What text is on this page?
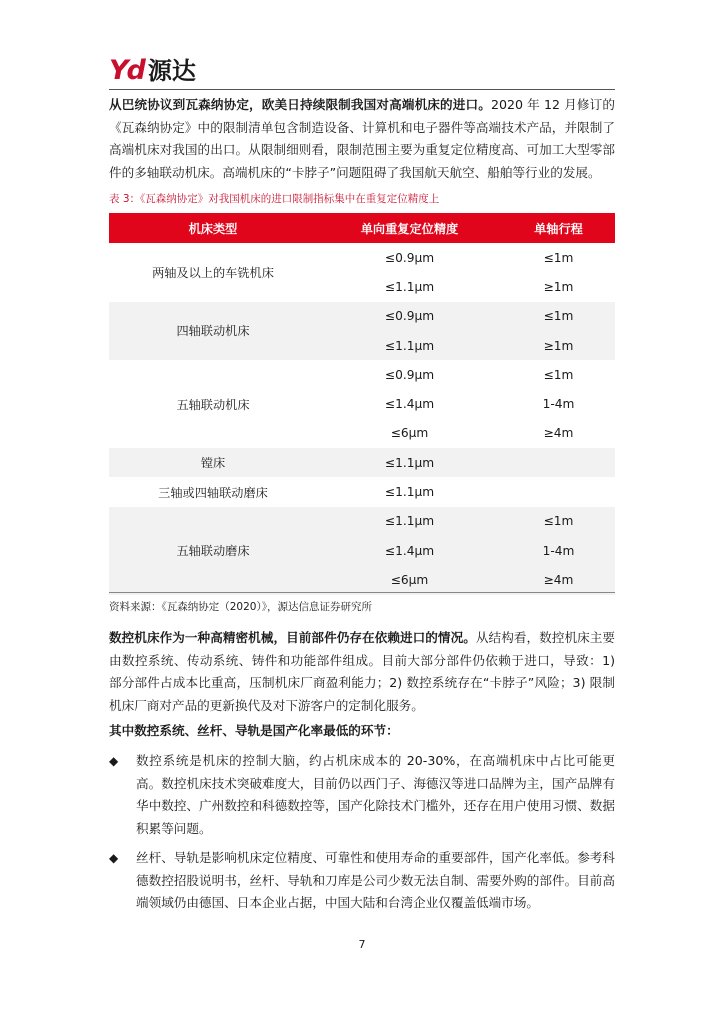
Yd 源达

从巴统协议到瓦森纳协定，欧美日持续限制我国对高端机床的进口。2020 年 12 月修订的《瓦森纳协定》中的限制清单包含制造设备、计算机和电子器件等高端技术产品，并限制了高端机床对我国的出口。从限制细则看，限制范围主要为重复定位精度高、可加工大型零部件的多轴联动机床。高端机床的“卡脖子”问题阻碍了我国航天航空、船舶等行业的发展。

表 3：《瓦森纳协定》对我国机床的进口限制指标集中在重复定位精度上
机床类型	单向重复定位精度	单轴行程
两轴及以上的车铣机床	≤0.9μm	≤1m
	≤1.1μm	≥1m
四轴联动机床	≤0.9μm	≤1m
	≤1.1μm	≥1m
五轴联动机床	≤0.9μm	≤1m
	≤1.4μm	1-4m
	≤6μm	≥4m
镗床	≤1.1μm	
三轴或四轴联动磨床	≤1.1μm	
五轴联动磨床	≤1.1μm	≤1m
	≤1.4μm	1-4m
	≤6μm	≥4m
资料来源：《瓦森纳协定（2020）》，源达信息证券研究所

数控机床作为一种高精密机械，目前部件仍存在依赖进口的情况。从结构看，数控机床主要由数控系统、传动系统、铸件和功能部件组成。目前大部分部件仍依赖于进口，导致：1) 部分部件占成本比重高，压制机床厂商盈利能力；2) 数控系统存在“卡脖子”风险；3) 限制机床厂商对产品的更新换代及对下游客户的定制化服务。

其中数控系统、丝杆、导轨是国产化率最低的环节：

◆ 数控系统是机床的控制大脑，约占机床成本的 20-30%，在高端机床中占比可能更高。数控机床技术突破难度大，目前仍以西门子、海德汉等进口品牌为主，国产品牌有华中数控、广州数控和科德数控等，国产化除技术门槛外，还存在用户使用习惯、数据积累等问题。

◆ 丝杆、导轨是影响机床定位精度、可靠性和使用寿命的重要部件，国产化率低。参考科德数控招股说明书，丝杆、导轨和刀库是公司少数无法自制、需要外购的部件。目前高端领域仍由德国、日本企业占据，中国大陆和台湾企业仅覆盖低端市场。

7
